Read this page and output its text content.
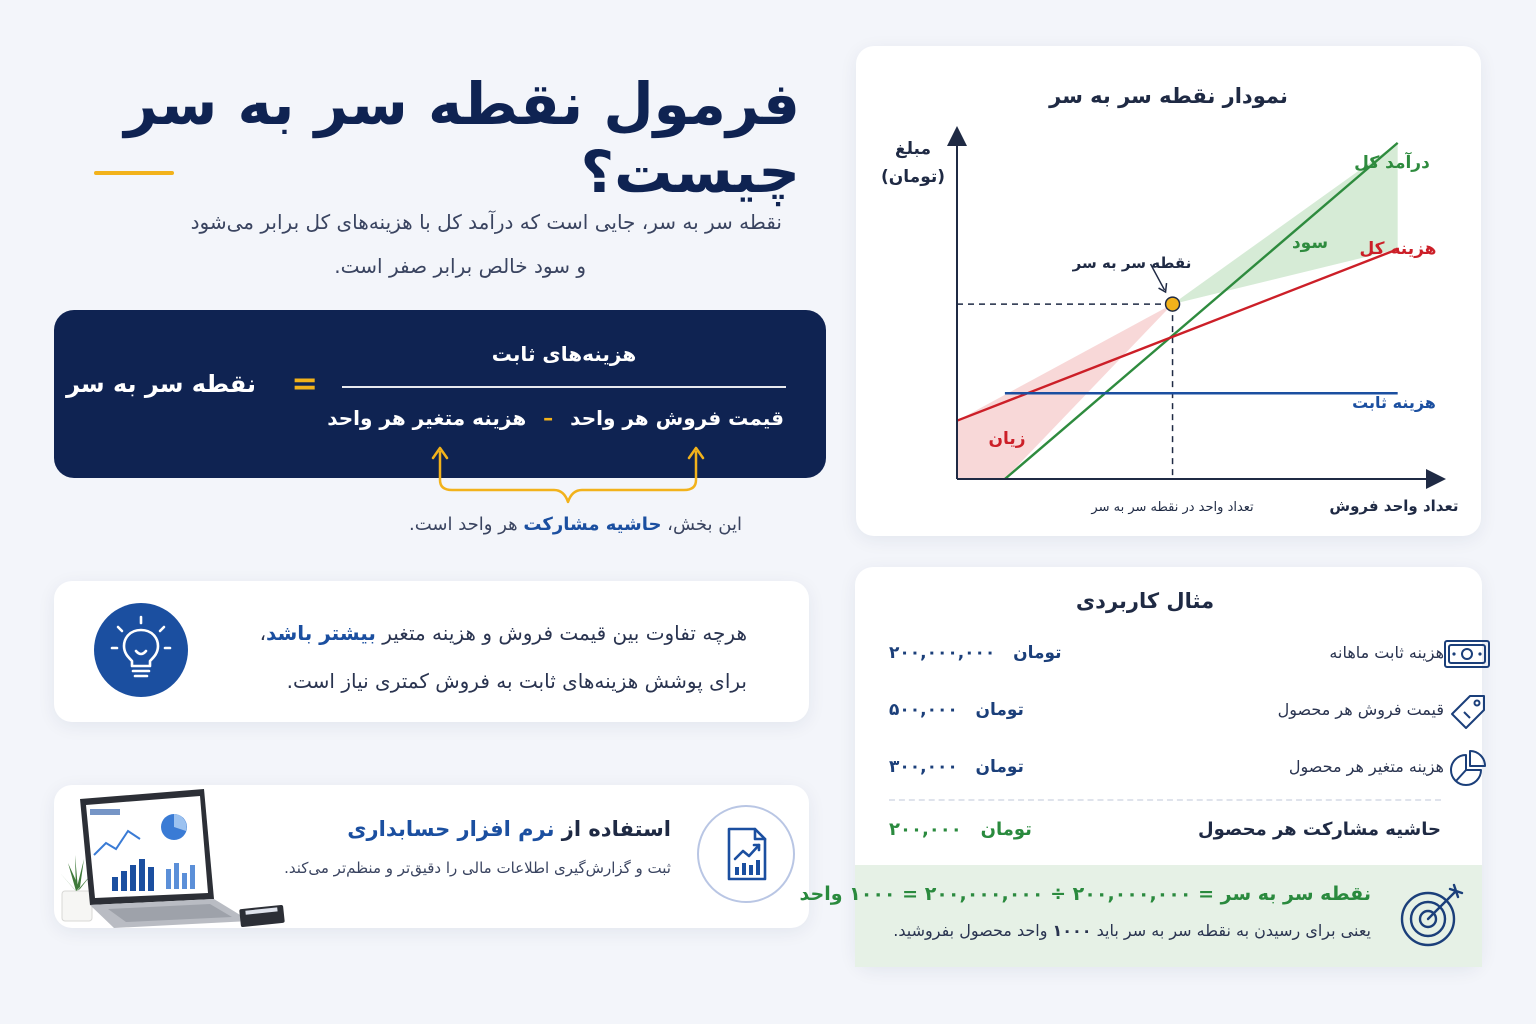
فرمول نقطه سر به سر چیست؟
نقطه سر به سر، جایی است که درآمد کل با هزینه‌های کل برابر می‌شود
و سود خالص برابر صفر است.
نقطه سر به سر =
هزینه‌های ثابت
قیمت فروش هر واحد – هزینه متغیر هر واحد
این بخش، حاشیه مشارکت هر واحد است.
هرچه تفاوت بین قیمت فروش و هزینه متغیر بیشتر باشد،
برای پوشش هزینه‌های ثابت به فروش کمتری نیاز است.
استفاده از نرم افزار حسابداری
ثبت و گزارش‌گیری اطلاعات مالی را دقیق‌تر و منظم‌تر می‌کند.
نمودار نقطه سر به سر
مبلغ
(تومان)
تعداد واحد فروش
تعداد واحد در نقطه سر به سر
نقطه سر به سر
درآمد کل
هزینه کل
هزینه ثابت
سود
زیان
مثال کاربردی
هزینه ثابت ماهانه
تومان   ۲۰۰,۰۰۰,۰۰۰
قیمت فروش هر محصول
تومان   ۵۰۰,۰۰۰
هزینه متغیر هر محصول
تومان   ۳۰۰,۰۰۰
حاشیه مشارکت هر محصول
تومان   ۲۰۰,۰۰۰
نقطه سر به سر = ۲۰۰,۰۰۰,۰۰۰ ÷ ۲۰۰,۰۰۰,۰۰۰ = ۱۰۰۰ واحد
یعنی برای رسیدن به نقطه سر به سر باید ۱۰۰۰ واحد محصول بفروشید.
